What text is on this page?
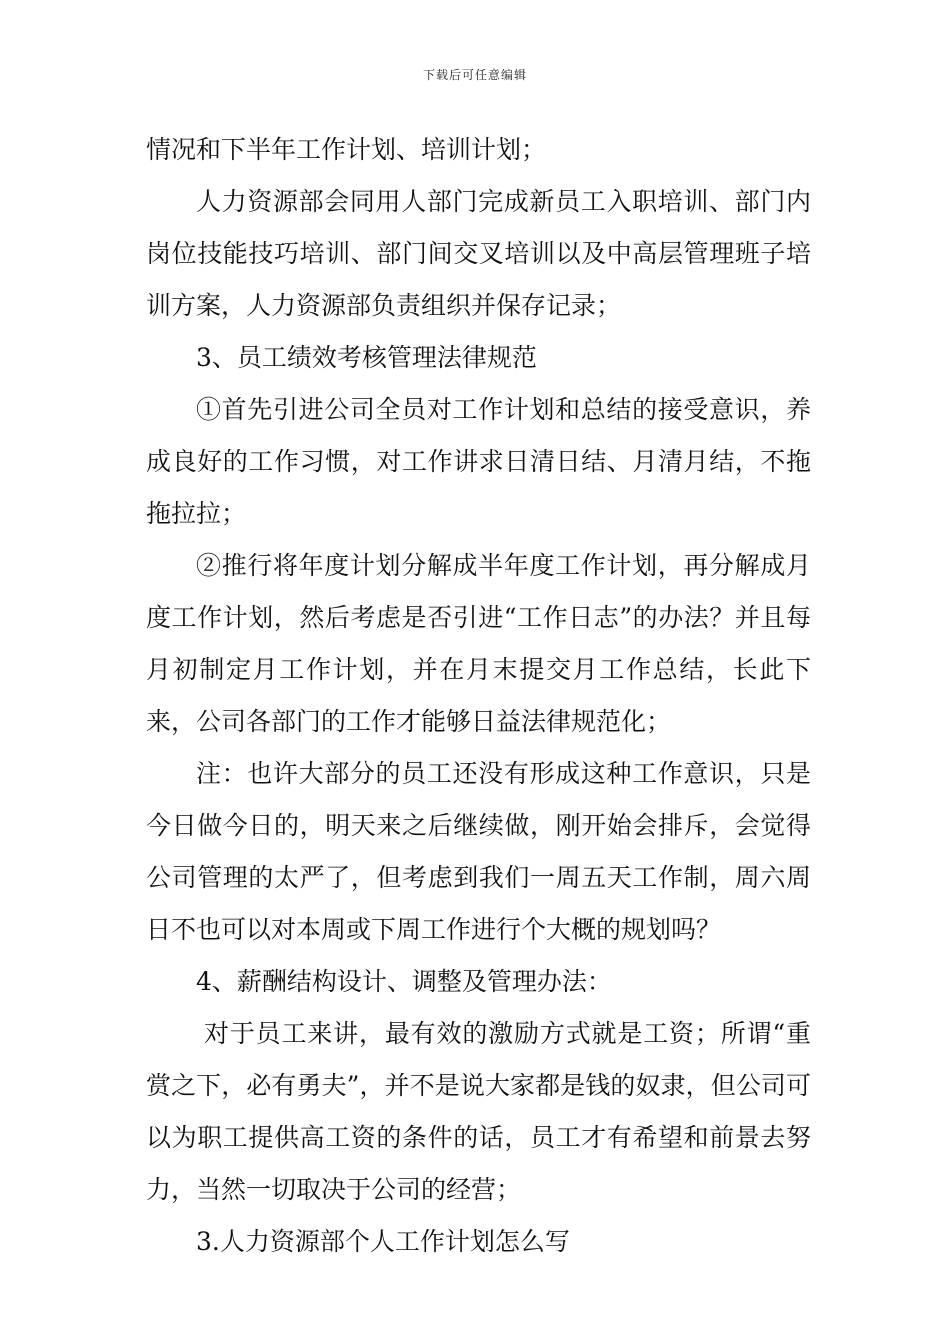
下载后可任意编辑

情况和下半年工作计划、培训计划；

人力资源部会同用人部门完成新员工入职培训、部门内岗位技能技巧培训、部门间交叉培训以及中高层管理班子培训方案，人力资源部负责组织并保存记录；

3、员工绩效考核管理法律规范

①首先引进公司全员对工作计划和总结的接受意识，养成良好的工作习惯，对工作讲求日清日结、月清月结，不拖拖拉拉；

②推行将年度计划分解成半年度工作计划，再分解成月度工作计划，然后考虑是否引进“工作日志”的办法？并且每月初制定月工作计划，并在月末提交月工作总结，长此下来，公司各部门的工作才能够日益法律规范化；

注：也许大部分的员工还没有形成这种工作意识，只是今日做今日的，明天来之后继续做，刚开始会排斥，会觉得公司管理的太严了，但考虑到我们一周五天工作制，周六周日不也可以对本周或下周工作进行个大概的规划吗？

4、薪酬结构设计、调整及管理办法：

对于员工来讲，最有效的激励方式就是工资；所谓“重赏之下，必有勇夫”，并不是说大家都是钱的奴隶，但公司可以为职工提供高工资的条件的话，员工才有希望和前景去努力，当然一切取决于公司的经营；

3.人力资源部个人工作计划怎么写
